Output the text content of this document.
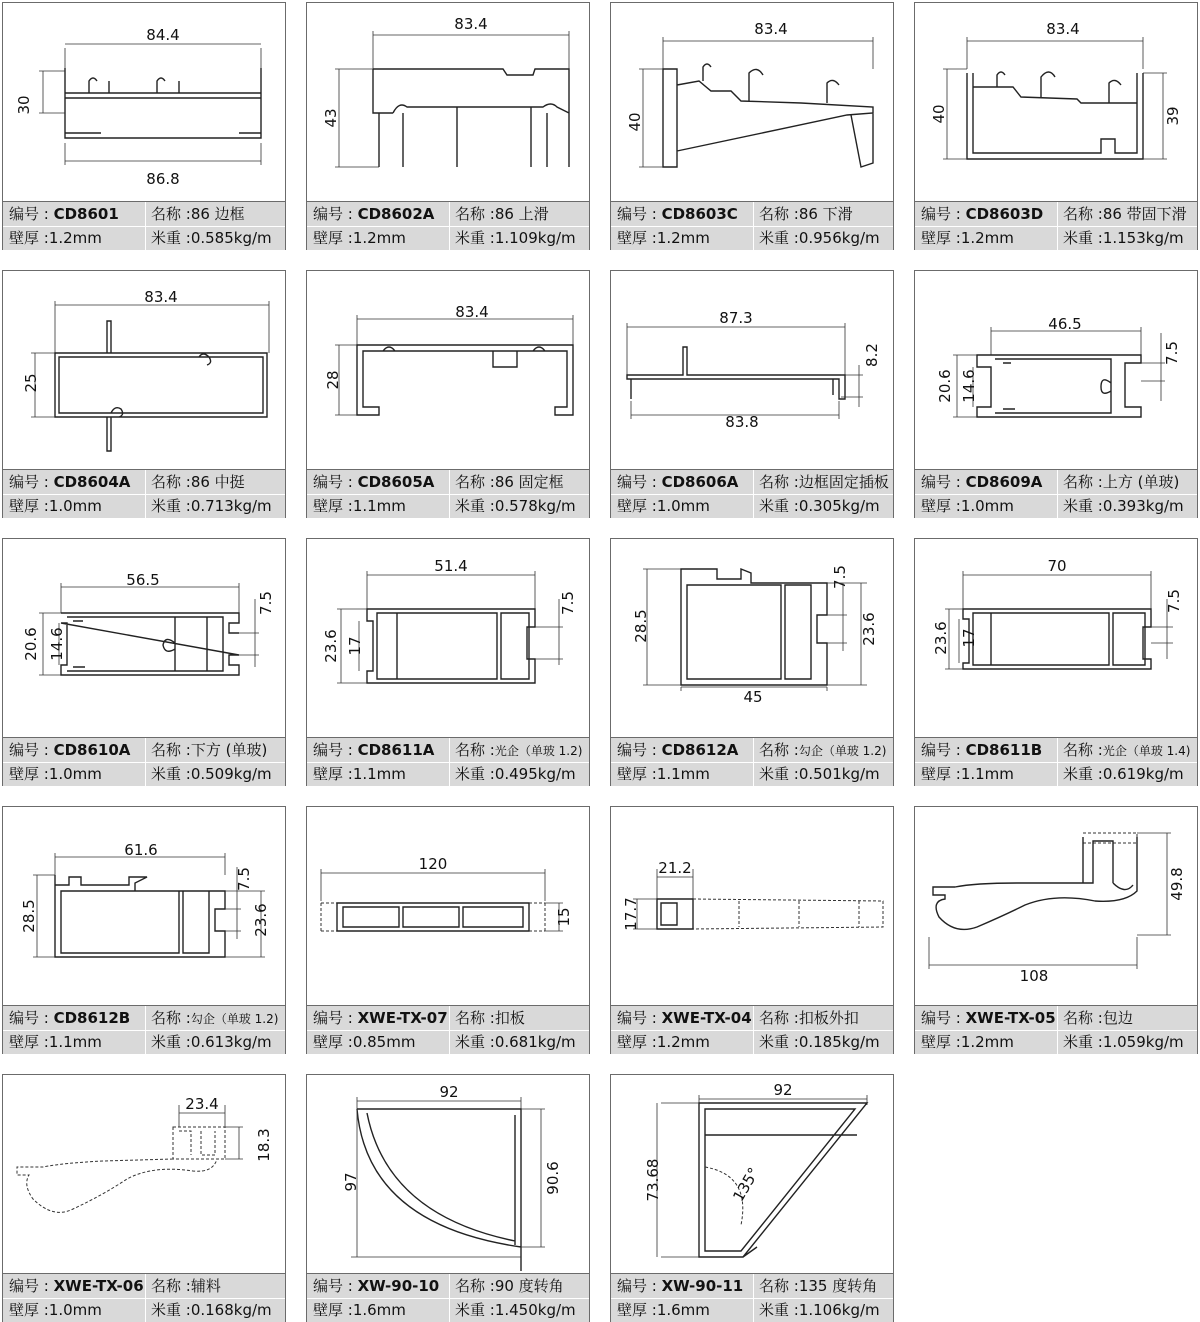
84.4
30
86.8
编号 : CD8601	名称 :86 边框
壁厚 :1.2mm	米重 :0.585kg/m
83.4
43
编号 : CD8602A	名称 :86 上滑
壁厚 :1.2mm	米重 :1.109kg/m
83.4
40
编号 : CD8603C	名称 :86 下滑
壁厚 :1.2mm	米重 :0.956kg/m
83.4
40	39
编号 : CD8603D	名称 :86 带固下滑
壁厚 :1.2mm	米重 :1.153kg/m
83.4
25
编号 : CD8604A	名称 :86 中挺
壁厚 :1.0mm	米重 :0.713kg/m
83.4
28
编号 : CD8605A	名称 :86 固定框
壁厚 :1.1mm	米重 :0.578kg/m
87.3
83.8
8.2
编号 : CD8606A	名称 :边框固定插板
壁厚 :1.0mm	米重 :0.305kg/m
46.5
20.6 14.6
7.5
编号 : CD8609A	名称 :上方 (单玻)
壁厚 :1.0mm	米重 :0.393kg/m
56.5
20.6 14.6
7.5
编号 : CD8610A	名称 :下方 (单玻)
壁厚 :1.0mm	米重 :0.509kg/m
51.4
23.6 17
7.5
编号 : CD8611A	名称 :光企（单玻 1.2)
壁厚 :1.1mm	米重 :0.495kg/m
28.5
45
7.5
23.6
编号 : CD8612A	名称 :勾企（单玻 1.2)
壁厚 :1.1mm	米重 :0.501kg/m
70
23.6 17
7.5
编号 : CD8611B	名称 :光企（单玻 1.4)
壁厚 :1.1mm	米重 :0.619kg/m
61.6
28.5
7.5
23.6
编号 : CD8612B	名称 :勾企（单玻 1.2)
壁厚 :1.1mm	米重 :0.613kg/m
120
15
编号 : XWE-TX-07 名称 :扣板
壁厚 :0.85mm	米重 :0.681kg/m
21.2
17.7
编号 : XWE-TX-04 名称 :扣板外扣
壁厚 :1.2mm	米重 :0.185kg/m
49.8
108
编号 : XWE-TX-05 名称 :包边
壁厚 :1.2mm	米重 :1.059kg/m
23.4
18.3
编号 : XWE-TX-06 名称 :辅料
壁厚 :1.0mm	米重 :0.168kg/m
92
97	90.6
编号 : XW-90-10	名称 :90 度转角
壁厚 :1.6mm	米重 :1.450kg/m
92
135°
73.68
编号 : XW-90-11	名称 :135 度转角
壁厚 :1.6mm	米重 :1.106kg/m
